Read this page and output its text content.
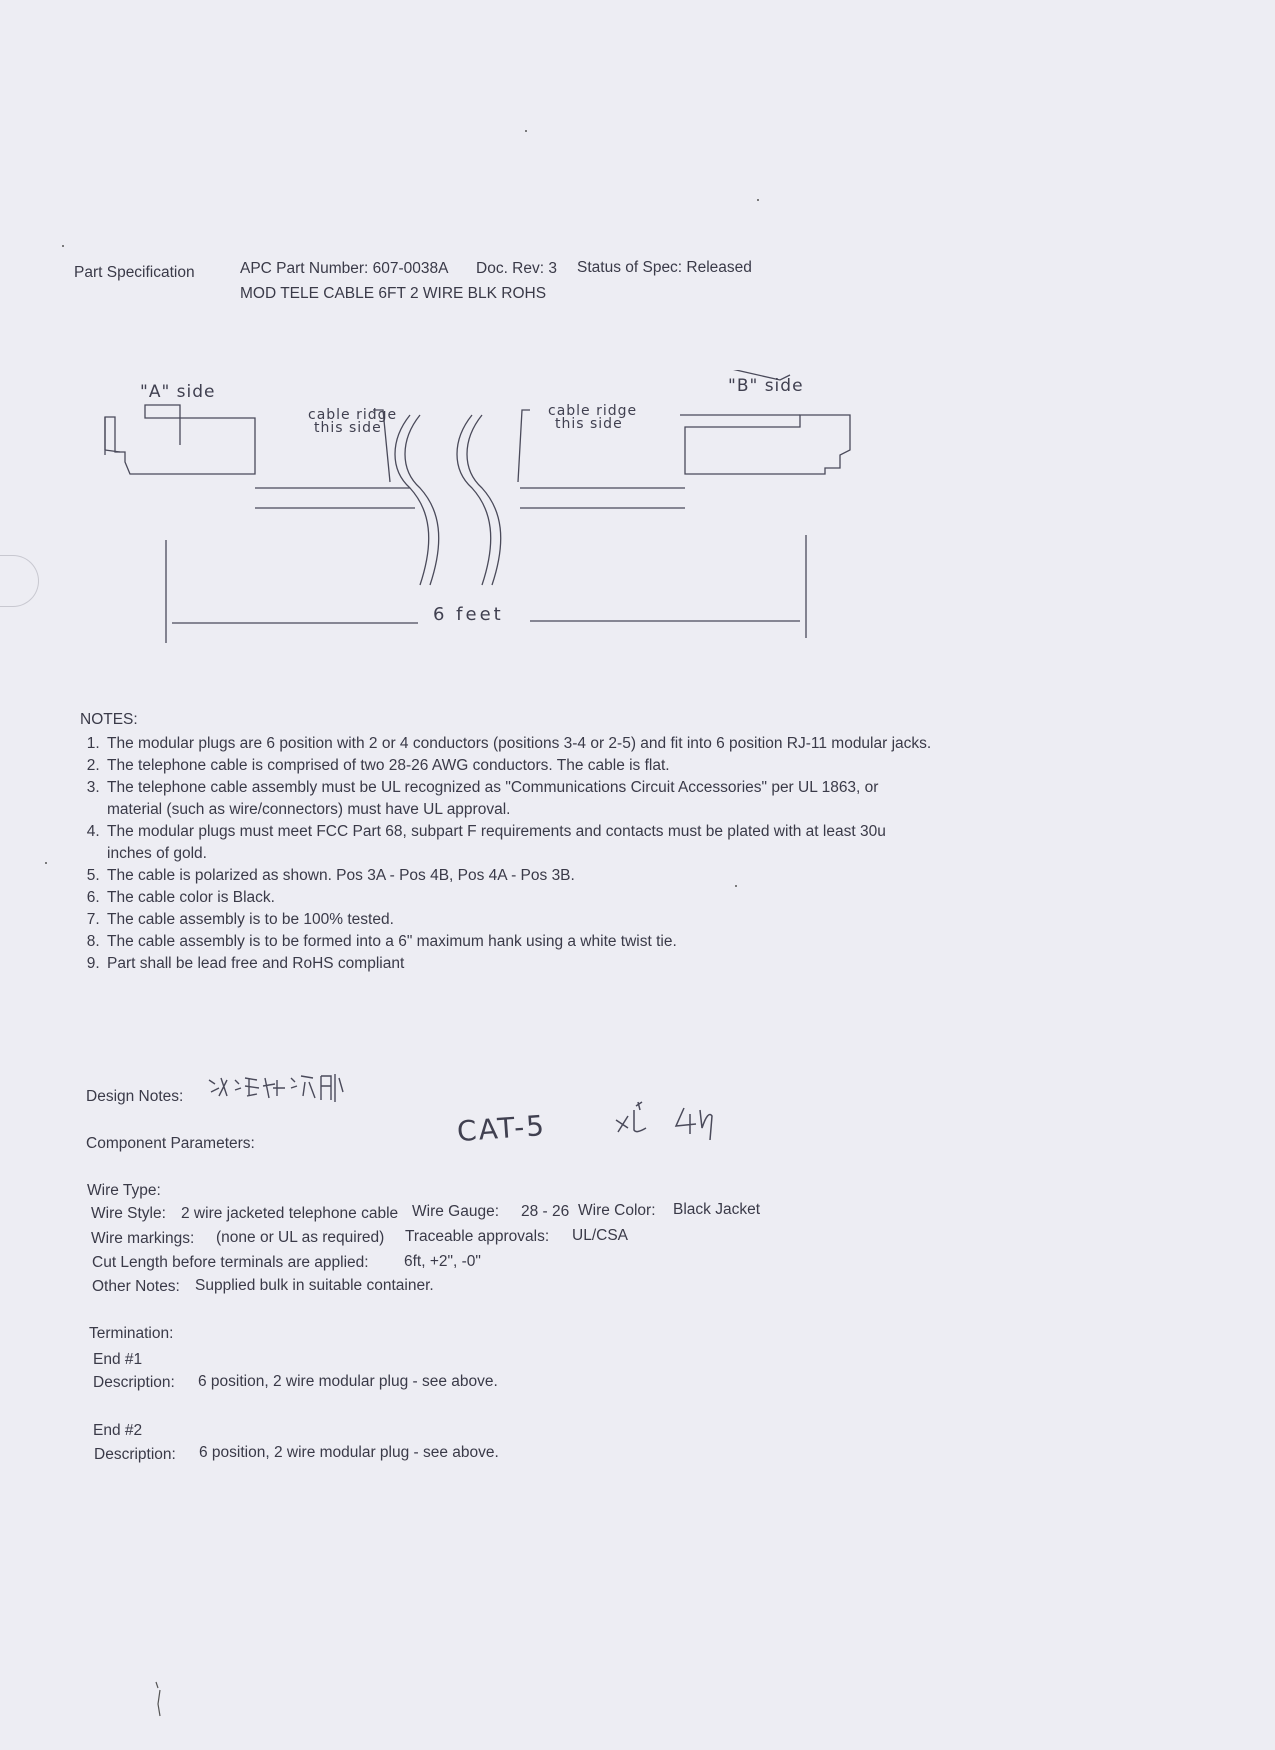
Part Specification	APC Part Number: 607-0038A Doc. Rev: 3 Status of Spec: Released
MOD TELE CABLE 6FT 2 WIRE BLK ROHS
"A" side	"B" side
cable ridge
this side
cable ridge
this side
6 feet
NOTES:
1. The modular plugs are 6 position with 2 or 4 conductors (positions 3-4 or 2-5) and fit into 6 position RJ-11 modular jacks.
2. The telephone cable is comprised of two 28-26 AWG conductors. The cable is flat.
3. The telephone cable assembly must be UL recognized as "Communications Circuit Accessories" per UL 1863, or material (such as wire/connectors) must have UL approval.
4. The modular plugs must meet FCC Part 68, subpart F requirements and contacts must be plated with at least 30u inches of gold.
5. The cable is polarized as shown. Pos 3A - Pos 4B, Pos 4A - Pos 3B.
6. The cable color is Black.
7. The cable assembly is to be 100% tested.
8. The cable assembly is to be formed into a 6" maximum hank using a white twist tie.
9. Part shall be lead free and RoHS compliant
Design Notes:
Component Parameters:	CAT-5
Wire Type:
Wire Style: 2 wire jacketed telephone cable Wire Gauge: 28 - 26 Wire Color: Black Jacket
Wire markings: (none or UL as required) Traceable approvals: UL/CSA
Cut Length before terminals are applied: 6ft, +2", -0"
Other Notes: Supplied bulk in suitable container.
Termination:
End #1
Description: 6 position, 2 wire modular plug - see above.
End #2
Description: 6 position, 2 wire modular plug - see above.
